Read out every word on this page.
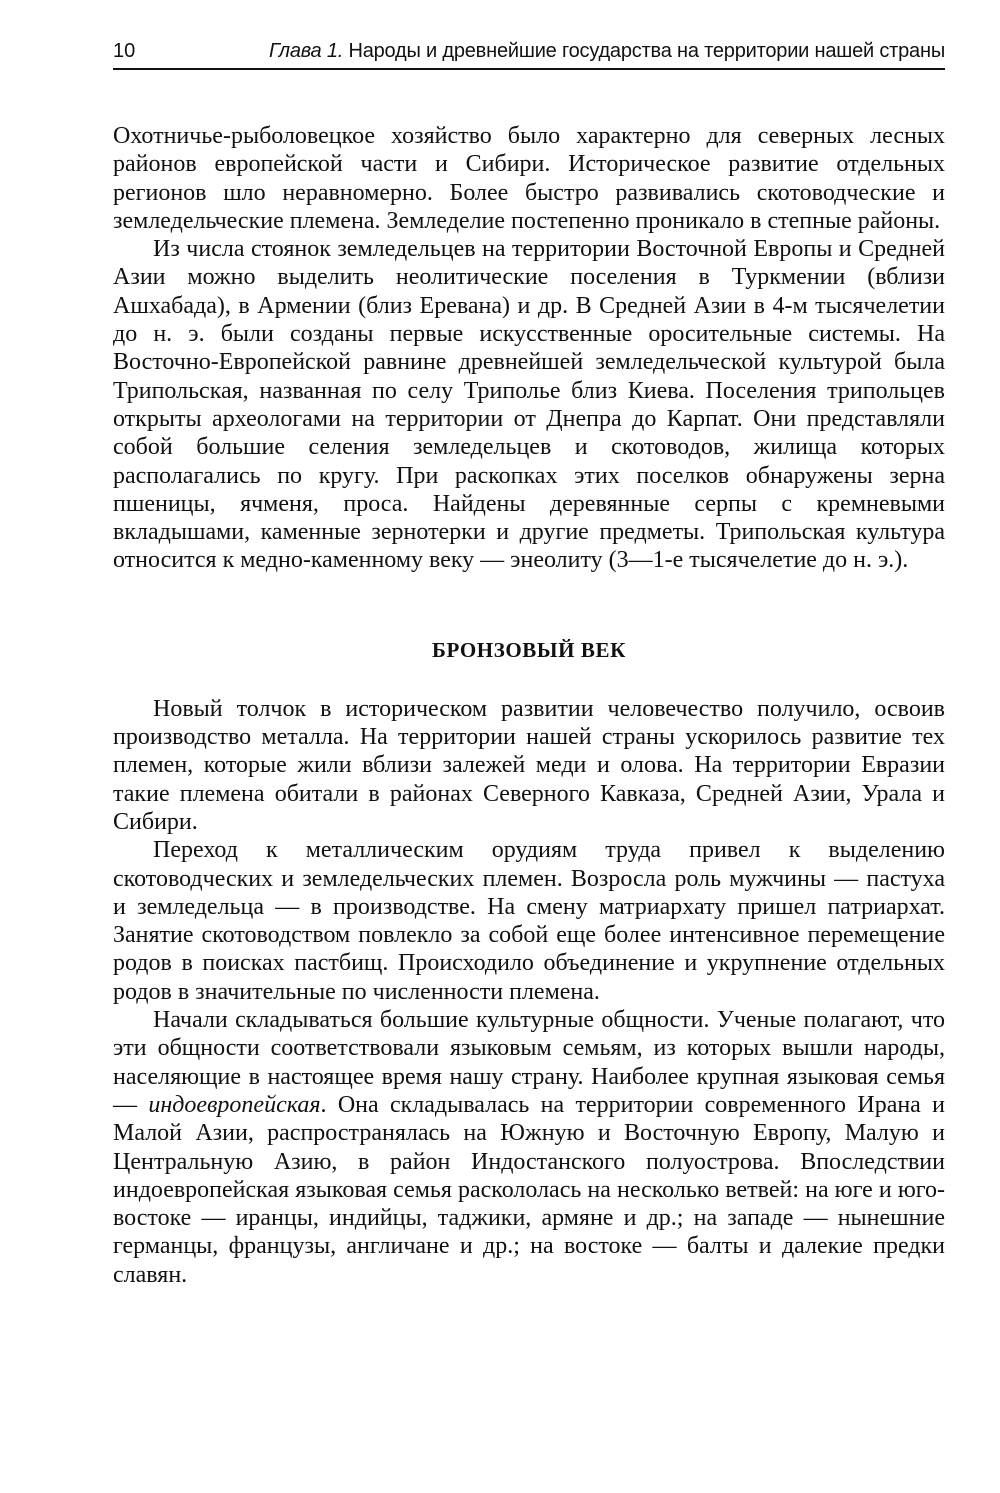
10	Глава 1. Народы и древнейшие государства на территории нашей страны

Охотничье-рыболовецкое хозяйство было характерно для северных лесных районов европейской части и Сибири. Историческое развитие отдельных регионов шло неравномерно. Более быстро развивались скотоводческие и земледельческие племена. Земледелие постепенно проникало в степные районы.

Из числа стоянок земледельцев на территории Восточной Европы и Средней Азии можно выделить неолитические поселения в Туркмении (вблизи Ашхабада), в Армении (близ Еревана) и др. В Средней Азии в 4-м тысячелетии до н. э. были созданы первые искусственные оросительные системы. На Восточно-Европейской равнине древнейшей земледельческой культурой была Трипольская, названная по селу Триполье близ Киева. Поселения трипольцев открыты археологами на территории от Днепра до Карпат. Они представляли собой большие селения земледельцев и скотоводов, жилища которых располагались по кругу. При раскопках этих поселков обнаружены зерна пшеницы, ячменя, проса. Найдены деревянные серпы с кремневыми вкладышами, каменные зернотерки и другие предметы. Трипольская культура относится к медно-каменному веку — энеолиту (3—1-е тысячелетие до н. э.).

БРОНЗОВЫЙ ВЕК

Новый толчок в историческом развитии человечество получило, освоив производство металла. На территории нашей страны ускорилось развитие тех племен, которые жили вблизи залежей меди и олова. На территории Евразии такие племена обитали в районах Северного Кавказа, Средней Азии, Урала и Сибири.

Переход к металлическим орудиям труда привел к выделению скотоводческих и земледельческих племен. Возросла роль мужчины — пастуха и земледельца — в производстве. На смену матриархату пришел патриархат. Занятие скотоводством повлекло за собой еще более интенсивное перемещение родов в поисках пастбищ. Происходило объединение и укрупнение отдельных родов в значительные по численности племена.

Начали складываться большие культурные общности. Ученые полагают, что эти общности соответствовали языковым семьям, из которых вышли народы, населяющие в настоящее время нашу страну. Наиболее крупная языковая семья — индоевропейская. Она складывалась на территории современного Ирана и Малой Азии, распространялась на Южную и Восточную Европу, Малую и Центральную Азию, в район Индостанского полуострова. Впоследствии индоевропейская языковая семья раскололась на несколько ветвей: на юге и юго-востоке — иранцы, индийцы, таджики, армяне и др.; на западе — нынешние германцы, французы, англичане и др.; на востоке — балты и далекие предки славян.
